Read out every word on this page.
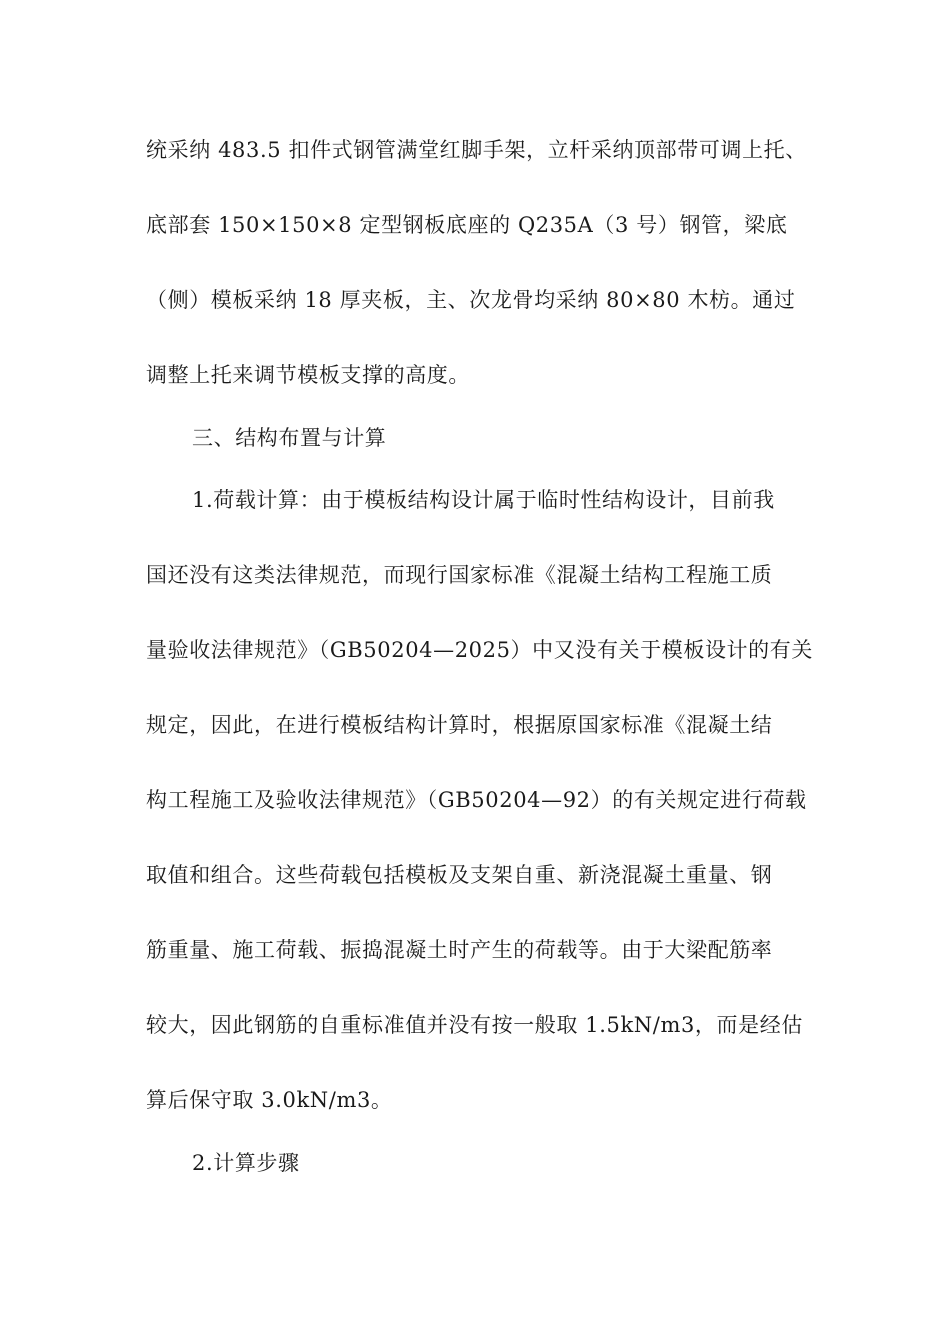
统采纳 483.5 扣件式钢管满堂红脚手架，立杆采纳顶部带可调上托、
底部套 150×150×8 定型钢板底座的 Q235A（3 号）钢管，梁底
（侧）模板采纳 18 厚夹板，主、次龙骨均采纳 80×80 木枋。通过
调整上托来调节模板支撑的高度。
三、结构布置与计算
1.荷载计算：由于模板结构设计属于临时性结构设计，目前我
国还没有这类法律规范，而现行国家标准《混凝土结构工程施工质
量验收法律规范》（GB50204—2025）中又没有关于模板设计的有关
规定，因此，在进行模板结构计算时，根据原国家标准《混凝土结
构工程施工及验收法律规范》（GB50204—92）的有关规定进行荷载
取值和组合。这些荷载包括模板及支架自重、新浇混凝土重量、钢
筋重量、施工荷载、振捣混凝土时产生的荷载等。由于大梁配筋率
较大，因此钢筋的自重标准值并没有按一般取 1.5kN/m3，而是经估
算后保守取 3.0kN/m3。
2.计算步骤
